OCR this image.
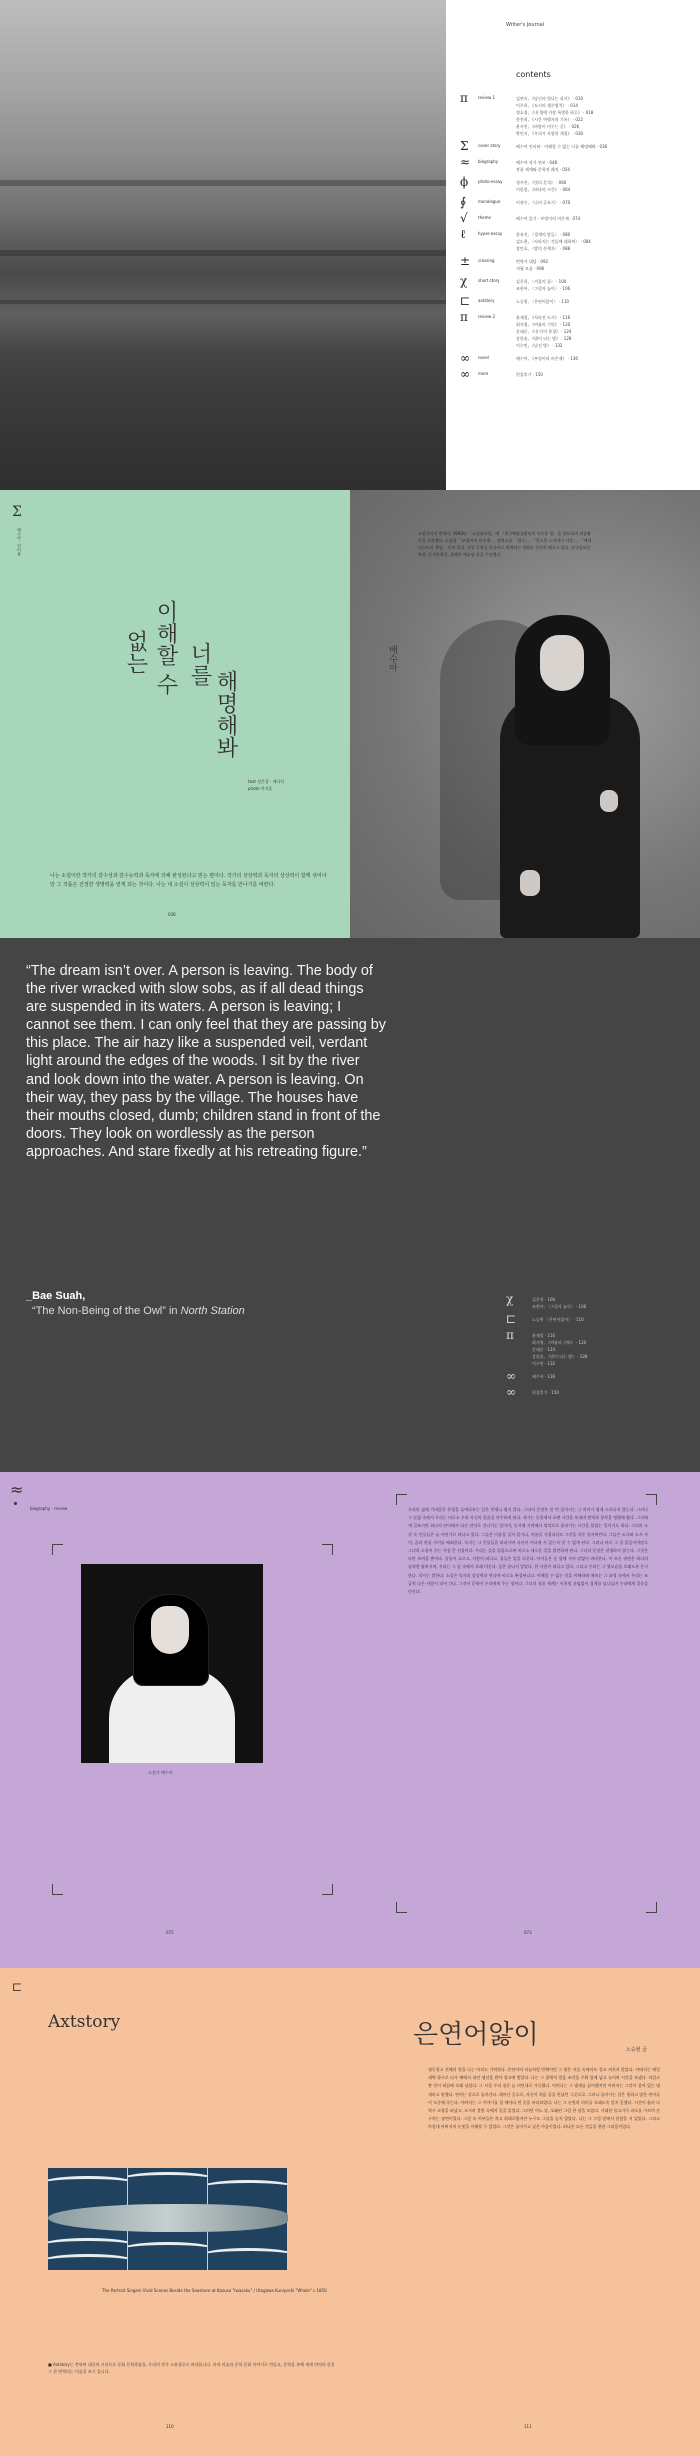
Writer's Journal
contents
π	review 1	김연숙, 《당신의 빛나는 과거》 · 010
이주희, 《도시의 생존법칙》 · 014
정호경, 《내 생애 가장 특별한 하루》 · 018
한진희, 《시간 여행자의 기록》 · 022
윤서진, 《바람이 머무는 곳》 · 026
박민지, 《우리가 사랑한 계절》 · 030
Σ cover story	배수아 인터뷰 · 이해할 수 없는 너를 해명해봐 · 036
≈ biography	배수아 작가 연보 · 048
작품 세계와 문학적 궤적 · 054
ϕ photo-essay	정서진, 《빛의 흔적》 · 060
이한결, 《바다의 시간》 · 064
∮	monologue	이정우, 〈나의 글쓰기〉 · 070
√	theme	배수아 읽기 · 부엉이의 비존재 · 074
ℓ	hyper-essay	한유진, 〈경계의 말들〉 · 080
김도현, 〈사라지는 것들에 대하여〉 · 084
장민호, 〈밤의 산책자〉 · 088
± crossing	번역가 대담 · 092
서평 모음 · 096
χ	short story	김은희, 〈겨울의 끝〉 · 100
조현아, 〈그림자 놀이〉 · 106
⊏ axtstory	노승현, 〈은연어앓이〉 · 110
π	review 2	윤재성, 《사라진 도시》 · 116
최지영, 《여름의 기억》 · 120
문태준, 《내 안의 풍경》 · 124
강한솔, 《별이 되는 밤》 · 128
이수민, 《낯선 방》 · 132
∞ novel	배수아, 《부엉이의 비존재》 · 136
∞ more	편집후기 · 150
Σ
배수아 · 인터뷰
이해할 수
없는 너를
해명해봐
text 정은경 · 에디터
photo 이지훈
나는 소설이란 작가의 감수성과 감수능력과 독자에 의해 완성된다고 믿는 편이다. 작가의 상상력과 독자의 상상력이 함께 섞여야만 그 작품은 진정한 생명력을 얻게 되는 것이다. 나는 내 소설이 상상력이 있는 독자를 만나기를 바란다.
036
소설가이자 번역가. 1993년 「소설과사상」에 「천구백팔십팔년의 어두운 방」을 발표하며 작품활동을 시작했다. 소설집 「부엉이의 비존재」, 장편소설 「철수」, 「일요일 스키야키 식당」, 「에세이스트의 책상」 등이 있다. 독일 문학을 한국어로 번역하는 작업도 꾸준히 해오고 있다. 한국일보문학상, 동서문학상, 올해의 예술상 등을 수상했다.
배수아
“The dream isn’t over. A person is leaving. The body of the river wracked with slow sobs, as if all dead things are suspended in its waters. A person is leaving; I cannot see them. I can only feel that they are passing by this place. The air hazy like a suspended veil, verdant light around the edges of the woods. I sit by the river and look down into the water. A person is leaving. On their way, they pass by the village. The houses have their mouths closed, dumb; children stand in front of the doors. They look on wordlessly as the person approaches. And stare fixedly at his retreating figure.”
_Bae Suah,
“The Non-Being of the Owl” in North Station
χ	김은희 · 100
조현아, 〈그림자 놀이〉 · 106
⊏	노승현 〈은연어앓이〉 · 110
π	윤재성 · 116
최지영, 《여름의 기억》 · 120
문태준 · 124
강한솔, 《별이 되는 밤》 · 128
이수민 · 132
∞	배수아 · 136
∞	편집후기 · 150
≈
biography · review
소설가 배수아
우리의 삶에 가라앉은 풍경을 들여다보는 일은 언제나 쉽지 않다. 그녀의 문장은 한 번 읽어서는 그 의미가 쉽게 드러나지 않는다. 그러나 그 낯섦 속에서 우리는 비로소 우리 자신의 얼굴을 마주하게 된다. 작가는 독일에서 오랜 시간을 보내며 번역과 창작을 병행해 왔다. 그녀에게 글쓰기란 하나의 언어에서 다른 언어로 건너가는 일이며, 동시에 기억에서 망각으로 흘러가는 시간을 붙잡는 일이기도 하다. 그녀의 소설 속 인물들은 늘 어딘가로 떠나고 있다. 그들은 이름을 갖지 않거나, 이름을 가졌더라도 그것을 자주 잊어버린다. 그들은 도시와 도시 사이, 꿈과 현실 사이를 배회한다. 독자는 그 인물들을 따라가며 자신이 어디에 서 있는지 알 수 없게 된다. 그러나 바로 그 길 잃음이야말로 그녀의 소설이 주는 가장 큰 선물이다. 우리는 길을 잃음으로써 비로소 새로운 길을 발견하게 된다. 그녀의 문장은 설명하지 않는다. 그것은 다만 보여줄 뿐이다. 강물이 흐르고, 사람이 떠나고, 집들은 입을 다문다. 아이들은 문 앞에 서서 말없이 바라본다. 이 모든 장면은 하나의 꿈처럼 펼쳐지며, 우리는 그 꿈 속에서 오래 머문다. 꿈은 끝나지 않았다. 한 사람이 떠나고 있다. 그리고 우리는 그 뒷모습을 오래도록 응시한다. 작가는 말한다. 소설은 독자의 상상력과 만나야 비로소 완성된다고. 이해할 수 없는 것을 이해하려 애쓰는 그 과정 속에서 우리는 조금씩 다른 사람이 되어 간다. 그것이 문학이 우리에게 주는 힘이다. 그녀의 작품 세계는 이처럼 끊임없이 경계를 넘나들며 우리에게 질문을 던진다.
072	073
⊏
Axtstory	은연어앓이	노승현 글
The Portrait Singeni Vivid Scenes Beside the Seashore at Kazusa "Iwasaku" / Utagawa Kuniyoshi "Whale" c.1850
■ Axtstory는 축약된 대중의 시선으로 동화 문학작품을, 우리의 작가 고유성으로 바라봅니다. 미의 미술과 문학 문화 이야기로 만들고, 문학을 통해 세계 만의의 한을 그 한 번역되는 미술을 보기 입니다.
냉동창고 전체의 빛을 나는 아직도 기억한다. 은연어의 비늘처럼 반짝이던 그 빛은 어둠 속에서도 결코 꺼지지 않았다. 아버지는 매일 새벽 항구로 나가 배에서 내린 생선을 받아 창고에 쌓았다. 나는 그 곁에서 얼음 조각을 주워 입에 넣고 녹이며 시간을 보냈다. 차갑고 짠 맛이 혀끝에 오래 남았다. 그 시절 우리 집은 늘 비린내로 가득했다. 어머니는 그 냄새를 싫어했지만 아버지는 그것이 살아 있는 냄새라고 말했다. 연어는 강으로 돌아간다. 태어난 곳으로, 자신이 처음 물을 만났던 그곳으로. 그러나 돌아가는 길은 험하고 많은 연어들이 도중에 죽는다. 아버지는 그 이야기를 할 때마다 먼 곳을 바라보았다. 나는 그 눈빛의 의미를 오래도록 알지 못했다. 시간이 흘러 나 역시 고향을 떠났고, 도시의 불빛 속에서 길을 잃었다. 그러던 어느 날, 오래된 그림 한 장을 보았다. 거대한 물고기가 파도를 가르며 솟구치는 장면이었다. 그림 속 어부들은 작고 위태로웠지만 누구도 그물을 놓지 않았다. 나는 그 그림 앞에서 한참을 서 있었다. 그리고 마침내 아버지의 눈빛을 이해할 수 있었다. 그것은 돌아가고 싶은 마음이었다. 떠나온 모든 것들을 향한 그리움이었다.
110	111
